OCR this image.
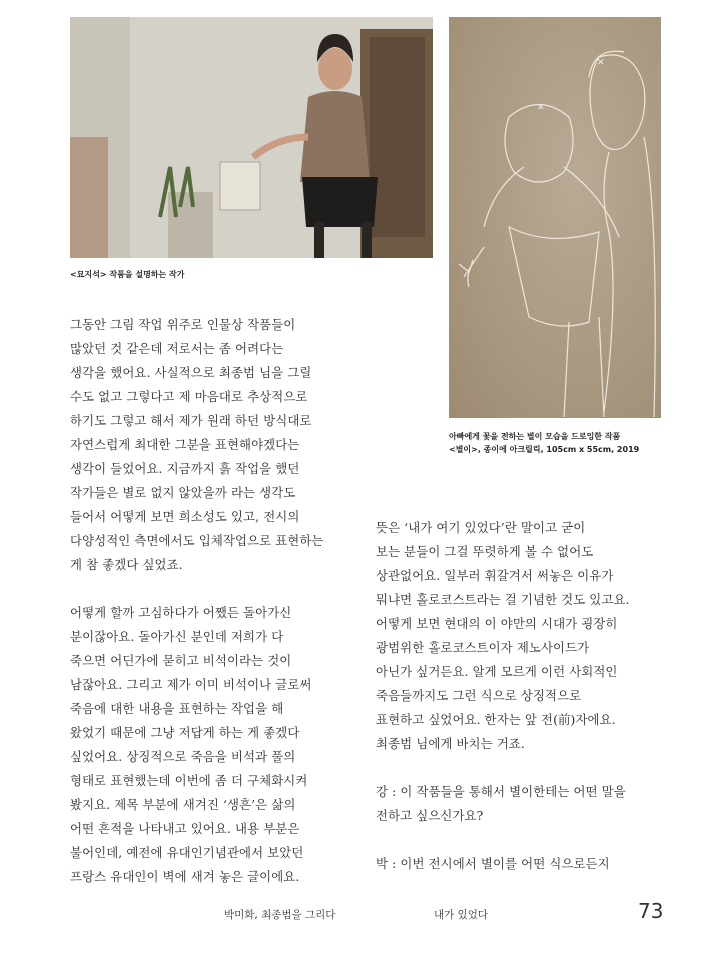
✕
✕
<묘지석> 작품을 설명하는 작가
아빠에게 꽃을 전하는 별이 모습을 드로잉한 작품
<별이>, 종이에 아크릴릭, 105cm x 55cm, 2019

그동안 그림 작업 위주로 인물상 작품들이
많았던 것 같은데 저로서는 좀 어려다는
생각을 했어요. 사실적으로 최종범 님을 그릴
수도 없고 그렇다고 제 마음대로 추상적으로
하기도 그렇고 해서 제가 원래 하던 방식대로
자연스럽게 최대한 그분을 표현해야겠다는
생각이 들었어요. 지금까지 흙 작업을 했던
작가들은 별로 없지 않았을까 라는 생각도
들어서 어떻게 보면 희소성도 있고, 전시의
다양성적인 측면에서도 입체작업으로 표현하는
게 참 좋겠다 싶었죠.

어떻게 할까 고심하다가 어쨌든 돌아가신
분이잖아요. 돌아가신 분인데 저희가 다
죽으면 어딘가에 묻히고 비석이라는 것이
남잖아요. 그리고 제가 이미 비석이나 글로써
죽음에 대한 내용을 표현하는 작업을 해
왔었기 때문에 그냥 저답게 하는 게 좋겠다
싶었어요. 상징적으로 죽음을 비석과 풀의
형태로 표현했는데 이번에 좀 더 구체화시켜
봤지요. 제목 부분에 새겨진 ‘생흔’은 삶의
어떤 흔적을 나타내고 있어요. 내용 부분은
불어인데, 예전에 유대인기념관에서 보았던
프랑스 유대인이 벽에 새겨 놓은 글이에요.

뜻은 ‘내가 여기 있었다’란 말이고 굳이
보는 분들이 그걸 뚜렷하게 볼 수 없어도
상관없어요. 일부러 휘갈겨서 써놓은 이유가
뭐냐면 홀로코스트라는 걸 기념한 것도 있고요.
어떻게 보면 현대의 이 야만의 시대가 굉장히
광범위한 홀로코스트이자 제노사이드가
아닌가 싶거든요. 알게 모르게 이런 사회적인
죽음들까지도 그런 식으로 상징적으로
표현하고 싶었어요. 한자는 앞 전(前)자에요.
최종범 님에게 바치는 거죠.

강 : 이 작품들을 통해서 별이한테는 어떤 말을
전하고 싶으신가요?

박 : 이번 전시에서 별이를 어떤 식으로든지

박미화, 최종범을 그리다	내가 있었다	73
